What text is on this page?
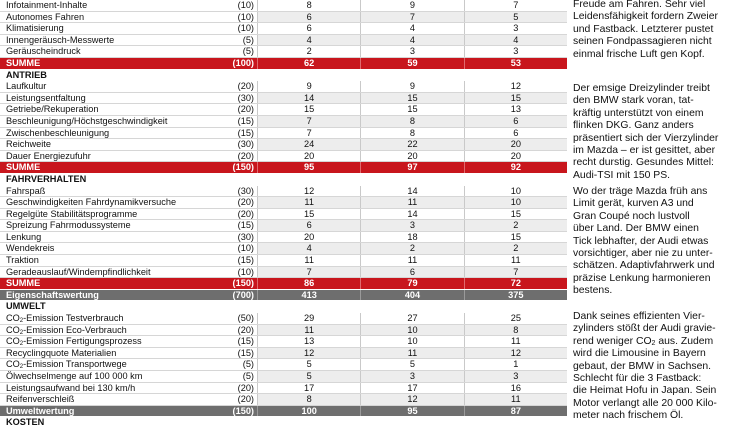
Infotainment-Inhalte	(10)	8	9	7
Autonomes Fahren	(10)	6	7	5
Klimatisierung	(10)	6	4	3
Innengeräusch-Messwerte	(5)	4	4	4
Geräuscheindruck	(5)	2	3	3
SUMME	(100)	62	59	53
ANTRIEB
Laufkultur	(20)	9	9	12
Leistungsentfaltung	(30)	14	15	15
Getriebe/Rekuperation	(20)	15	15	13
Beschleunigung/Höchstgeschwindigkeit	(15)	7	8	6
Zwischenbeschleunigung	(15)	7	8	6
Reichweite	(30)	24	22	20
Dauer Energiezufuhr	(20)	20	20	20
SUMME	(150)	95	97	92
FAHRVERHALTEN
Fahrspaß	(30)	12	14	10
Geschwindigkeiten Fahrdynamikversuche	(20)	11	11	10
Regelgüte Stabilitätsprogramme	(20)	15	14	15
Spreizung Fahrmodussysteme	(15)	6	3	2
Lenkung	(30)	20	18	15
Wendekreis	(10)	4	2	2
Traktion	(15)	11	11	11
Geradeauslauf/Windempfindlichkeit	(10)	7	6	7
SUMME	(150)	86	79	72
Eigenschaftswertung	(700)	413	404	375
UMWELT
$CO_2$-Emission Testverbrauch	(50)	29	27	25
$CO_2$-Emission Eco-Verbrauch	(20)	11	10	8
$CO_2$-Emission Fertigungsprozess	(15)	13	10	11
Recyclingquote Materialien	(15)	12	11	12
$CO_2$-Emission Transportwege	(5)	5	5	1
Ölwechselmenge auf 100 000 km	(5)	5	3	3
Leistungsaufwand bei 130 km/h	(20)	17	17	16
Reifenverschleiß	(20)	8	12	11
Umweltwertung	(150)	100	95	87
KOSTEN
Freude am Fahren. Sehr viel
Leidensfähigkeit fordern Zweier
und Fastback. Letzterer pustet
seinen Fondpassagieren nicht
einmal frische Luft gen Kopf.
Der emsige Dreizylinder treibt
den BMW stark voran, tat-
kräftig unterstützt von einem
flinken DKG. Ganz anders
präsentiert sich der Vierzylinder
im Mazda – er ist gesittet, aber
recht durstig. Gesundes Mittel:
Audi-TSI mit 150 PS.
Wo der träge Mazda früh ans
Limit gerät, kurven A3 und
Gran Coupé noch lustvoll
über Land. Der BMW einen
Tick lebhafter, der Audi etwas
vorsichtiger, aber nie zu unter-
schätzen. Adaptivfahrwerk und
präzise Lenkung harmonieren
bestens.
Dank seines effizienten Vier-
zylinders stößt der Audi gravie-
rend weniger $CO_2$ aus. Zudem
wird die Limousine in Bayern
gebaut, der BMW in Sachsen.
Schlecht für die 3 Fastback:
die Heimat Hofu in Japan. Sein
Motor verlangt alle 20 000 Kilo-
meter nach frischem Öl.
